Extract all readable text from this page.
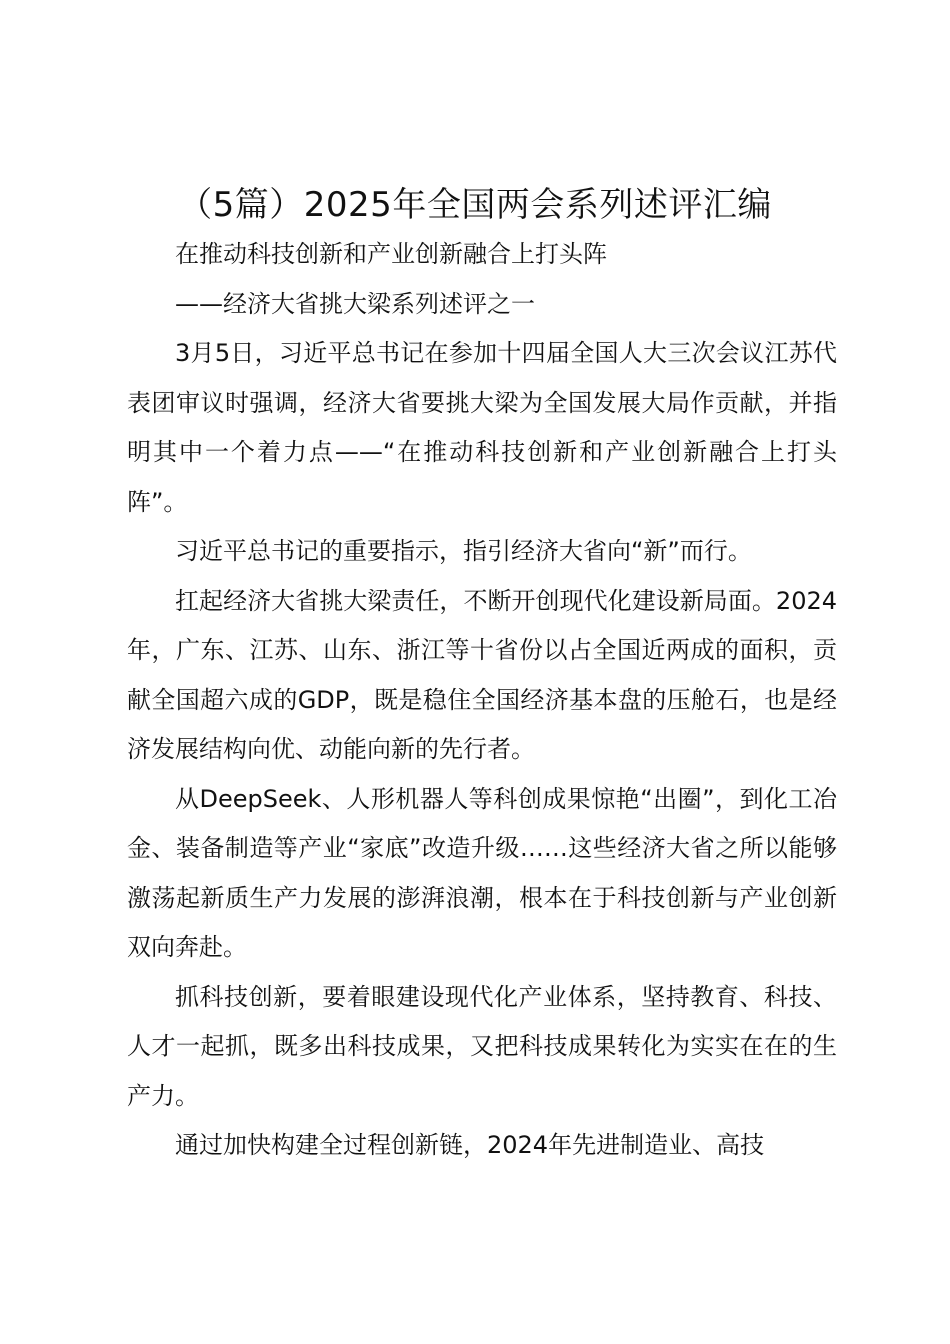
（5篇）2025年全国两会系列述评汇编

在推动科技创新和产业创新融合上打头阵

——经济大省挑大梁系列述评之一

3月5日，习近平总书记在参加十四届全国人大三次会议江苏代表团审议时强调，经济大省要挑大梁为全国发展大局作贡献，并指明其中一个着力点——“在推动科技创新和产业创新融合上打头阵”。

习近平总书记的重要指示，指引经济大省向“新”而行。

扛起经济大省挑大梁责任，不断开创现代化建设新局面。2024年，广东、江苏、山东、浙江等十省份以占全国近两成的面积，贡献全国超六成的GDP，既是稳住全国经济基本盘的压舱石，也是经济发展结构向优、动能向新的先行者。

从DeepSeek、人形机器人等科创成果惊艳“出圈”，到化工冶金、装备制造等产业“家底”改造升级……这些经济大省之所以能够激荡起新质生产力发展的澎湃浪潮，根本在于科技创新与产业创新双向奔赴。

抓科技创新，要着眼建设现代化产业体系，坚持教育、科技、人才一起抓，既多出科技成果，又把科技成果转化为实实在在的生产力。

通过加快构建全过程创新链，2024年先进制造业、高技
